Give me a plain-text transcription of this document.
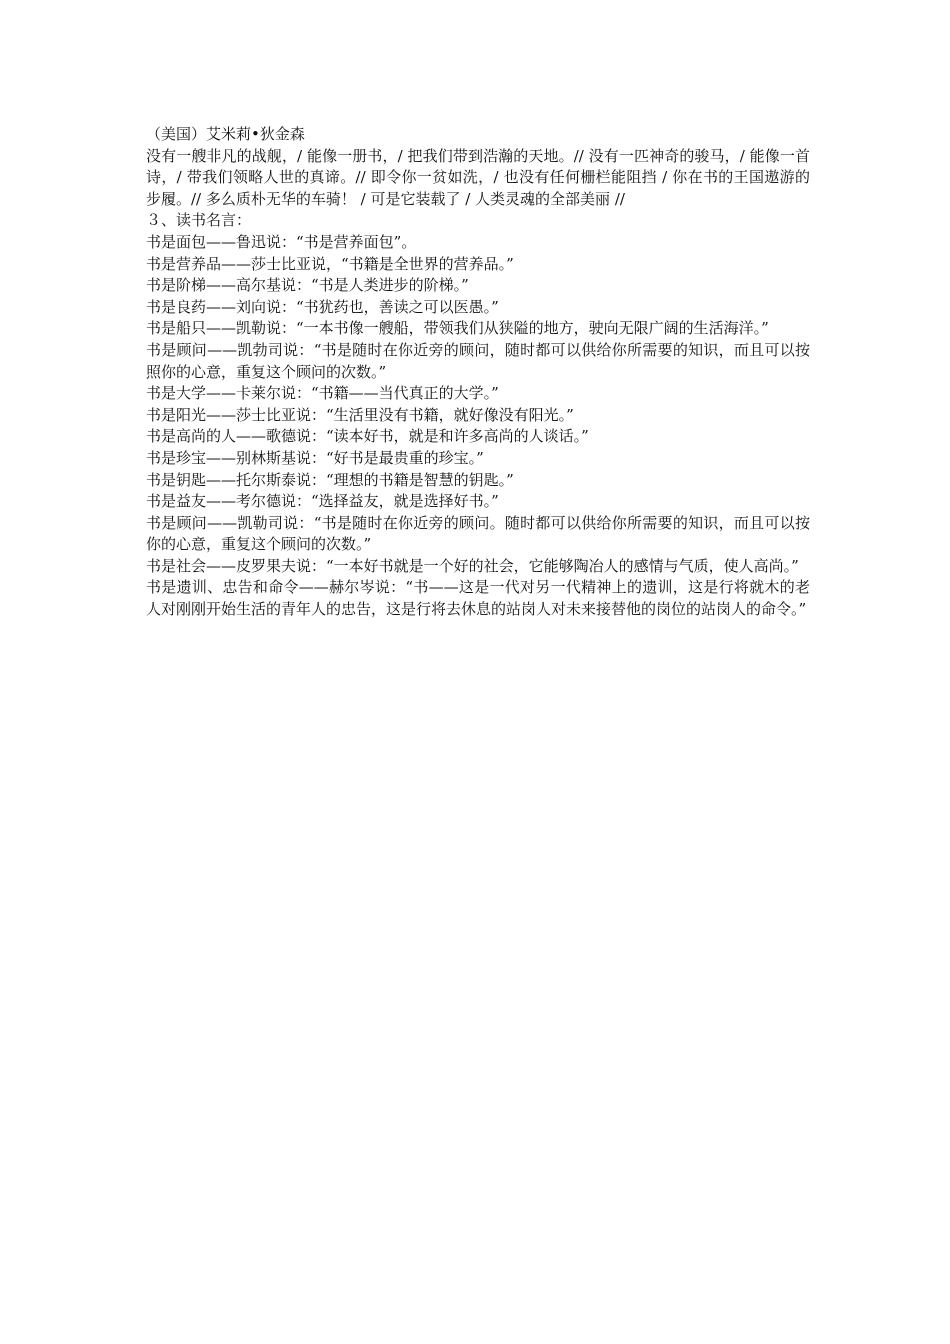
（美国）艾米莉•狄金森
没有一艘非凡的战舰，/ 能像一册书，/ 把我们带到浩瀚的天地。// 没有一匹神奇的骏马，/ 能像一首诗，/ 带我们领略人世的真谛。// 即令你一贫如洗，/ 也没有任何栅栏能阻挡 / 你在书的王国遨游的步履。// 多么质朴无华的车骑！ / 可是它装载了 / 人类灵魂的全部美丽 //
３、读书名言：
书是面包——鲁迅说：“书是营养面包”。
书是营养品——莎士比亚说，“书籍是全世界的营养品。”
书是阶梯——高尔基说：“书是人类进步的阶梯。”
书是良药——刘向说：“书犹药也，善读之可以医愚。”
书是船只——凯勒说：“一本书像一艘船，带领我们从狭隘的地方，驶向无限广阔的生活海洋。”
书是顾问——凯勃司说：“书是随时在你近旁的顾问，随时都可以供给你所需要的知识，而且可以按照你的心意，重复这个顾问的次数。”
书是大学——卡莱尔说：“书籍——当代真正的大学。”
书是阳光——莎士比亚说：“生活里没有书籍，就好像没有阳光。”
书是高尚的人——歌德说：“读本好书，就是和许多高尚的人谈话。”
书是珍宝——别林斯基说：“好书是最贵重的珍宝。”
书是钥匙——托尔斯泰说：“理想的书籍是智慧的钥匙。”
书是益友——考尔德说：“选择益友，就是选择好书。”
书是顾问——凯勒司说：“书是随时在你近旁的顾问。随时都可以供给你所需要的知识，而且可以按你的心意，重复这个顾问的次数。”
书是社会——皮罗果夫说：“一本好书就是一个好的社会，它能够陶冶人的感情与气质，使人高尚。”
书是遗训、忠告和命令——赫尔岑说：“书——这是一代对另一代精神上的遗训，这是行将就木的老人对刚刚开始生活的青年人的忠告，这是行将去休息的站岗人对未来接替他的岗位的站岗人的命令。”
